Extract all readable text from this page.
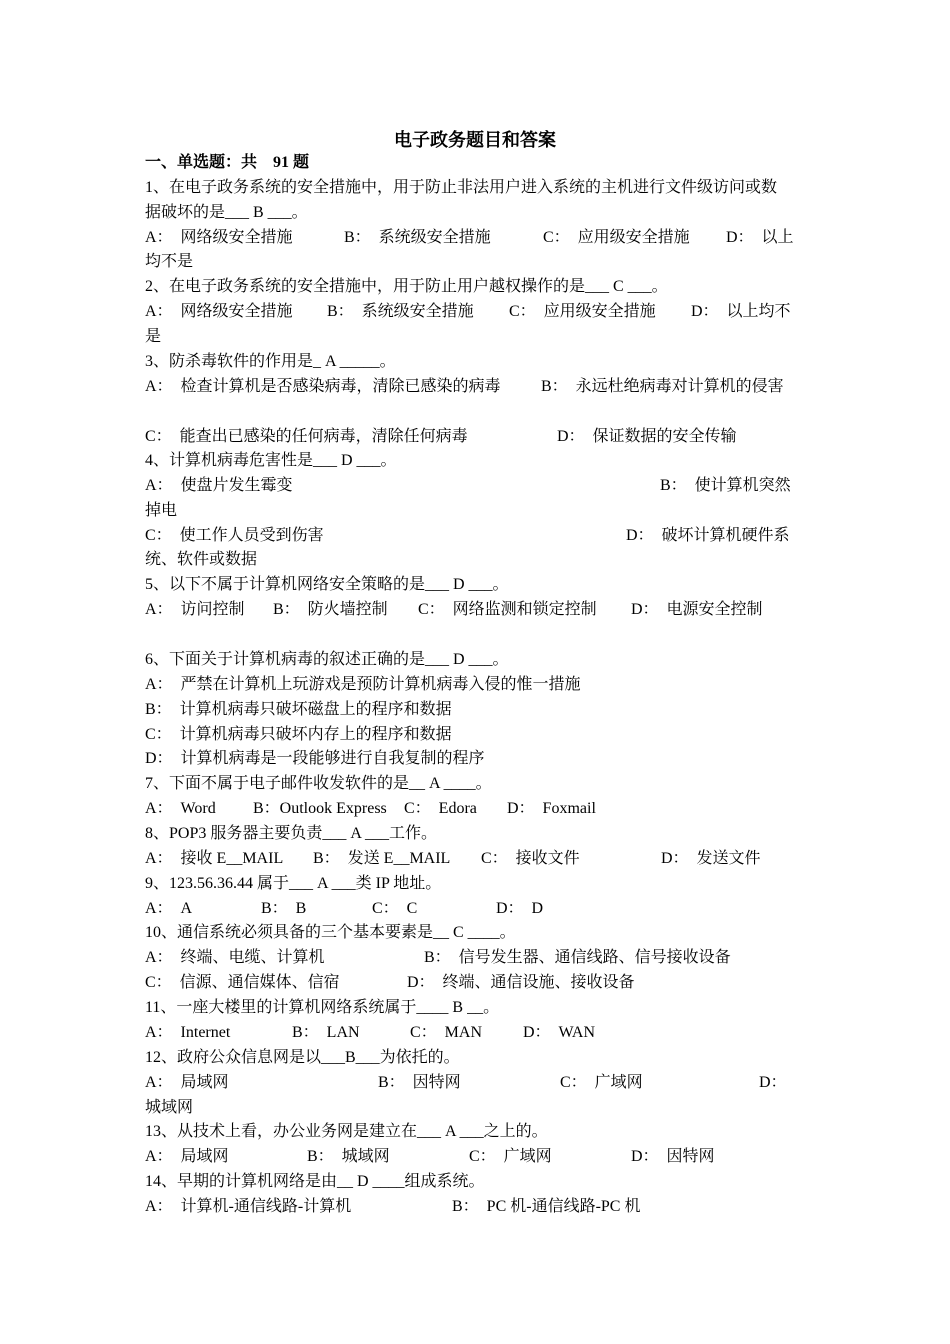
电子政务题目和答案
一、单选题：共　91 题
1、在电子政务系统的安全措施中，用于防止非法用户进入系统的主机进行文件级访问或数
据破坏的是___ B ___。
均不是
2、在电子政务系统的安全措施中，用于防止用户越权操作的是___ C ___。
是
3、防杀毒软件的作用是_ A _____。
4、计算机病毒危害性是___ D ___。
掉电
统、软件或数据
5、以下不属于计算机网络安全策略的是___ D ___。
6、下面关于计算机病毒的叙述正确的是___ D ___。
7、下面不属于电子邮件收发软件的是__ A ____。
8、POP3 服务器主要负责___ A ___工作。
9、123.56.36.44 属于___ A ___类 IP 地址。
10、通信系统必须具备的三个基本要素是__ C ____。
11、一座大楼里的计算机网络系统属于____ B __。
12、政府公众信息网是以___B___为依托的。
城域网
13、从技术上看，办公业务网是建立在___ A ___之上的。
14、早期的计算机网络是由__ D ____组成系统。
A：　网络级安全措施	B：　系统级安全措施	C：　应用级安全措施 D：　以上
A：　网络级安全措施 B：　系统级安全措施 C：　应用级安全措施 D：　以上均不
A：　检查计算机是否感染病毒，清除已感染的病毒	B：　永远杜绝病毒对计算机的侵害
C：　能查出已感染的任何病毒，清除任何病毒	D：　保证数据的安全传输
A：　使盘片发生霉变	B：　使计算机突然
C：　使工作人员受到伤害	D：　破坏计算机硬件系
A：　访问控制 B：　防火墙控制 C：　网络监测和锁定控制 D：　电源安全控制
A：　严禁在计算机上玩游戏是预防计算机病毒入侵的惟一措施
B：　计算机病毒只破坏磁盘上的程序和数据
C：　计算机病毒只破坏内存上的程序和数据
D：　计算机病毒是一段能够进行自我复制的程序
A：　Word B：Outlook Express C：　Edora D：　Foxmail
A：　接收 E__MAIL B：　发送 E__MAIL C：　接收文件	D：　发送文件
A：　A	B：　B	C：　C	D：　D
A：　终端、电缆、计算机	B：　信号发生器、通信线路、信号接收设备
C：　信源、通信媒体、信宿	D：　终端、通信设施、接收设备
A：　Internet	B：　LAN	C：　MAN	D：　WAN
A：　局域网	B：　因特网	C：　广域网	D：
A：　局域网	B：　城域网	C：　广域网	D：　因特网
A：　计算机-通信线路-计算机	B：　PC 机-通信线路-PC 机
